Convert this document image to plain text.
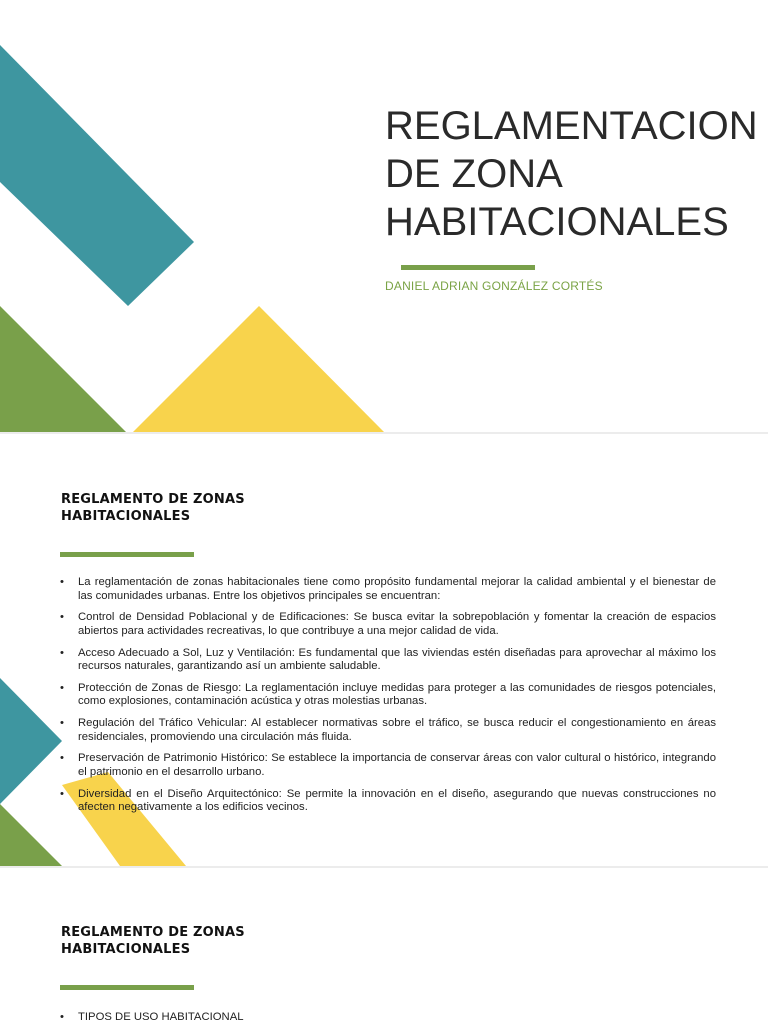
REGLAMENTACION
DE ZONA
HABITACIONALES
DANIEL ADRIAN GONZÁLEZ CORTÉS
REGLAMENTO DE ZONAS
HABITACIONALES
• La reglamentación de zonas habitacionales tiene como propósito fundamental mejorar la calidad ambiental y el bienestar de las comunidades urbanas. Entre los objetivos principales se encuentran:
• Control de Densidad Poblacional y de Edificaciones: Se busca evitar la sobrepoblación y fomentar la creación de espacios abiertos para actividades recreativas, lo que contribuye a una mejor calidad de vida.
• Acceso Adecuado a Sol, Luz y Ventilación: Es fundamental que las viviendas estén diseñadas para aprovechar al máximo los recursos naturales, garantizando así un ambiente saludable.
• Protección de Zonas de Riesgo: La reglamentación incluye medidas para proteger a las comunidades de riesgos potenciales, como explosiones, contaminación acústica y otras molestias urbanas.
• Regulación del Tráfico Vehicular: Al establecer normativas sobre el tráfico, se busca reducir el congestionamiento en áreas residenciales, promoviendo una circulación más fluida.
• Preservación de Patrimonio Histórico: Se establece la importancia de conservar áreas con valor cultural o histórico, integrando el patrimonio en el desarrollo urbano.
• Diversidad en el Diseño Arquitectónico: Se permite la innovación en el diseño, asegurando que nuevas construcciones no afecten negativamente a los edificios vecinos.
REGLAMENTO DE ZONAS
HABITACIONALES
• TIPOS DE USO HABITACIONAL
